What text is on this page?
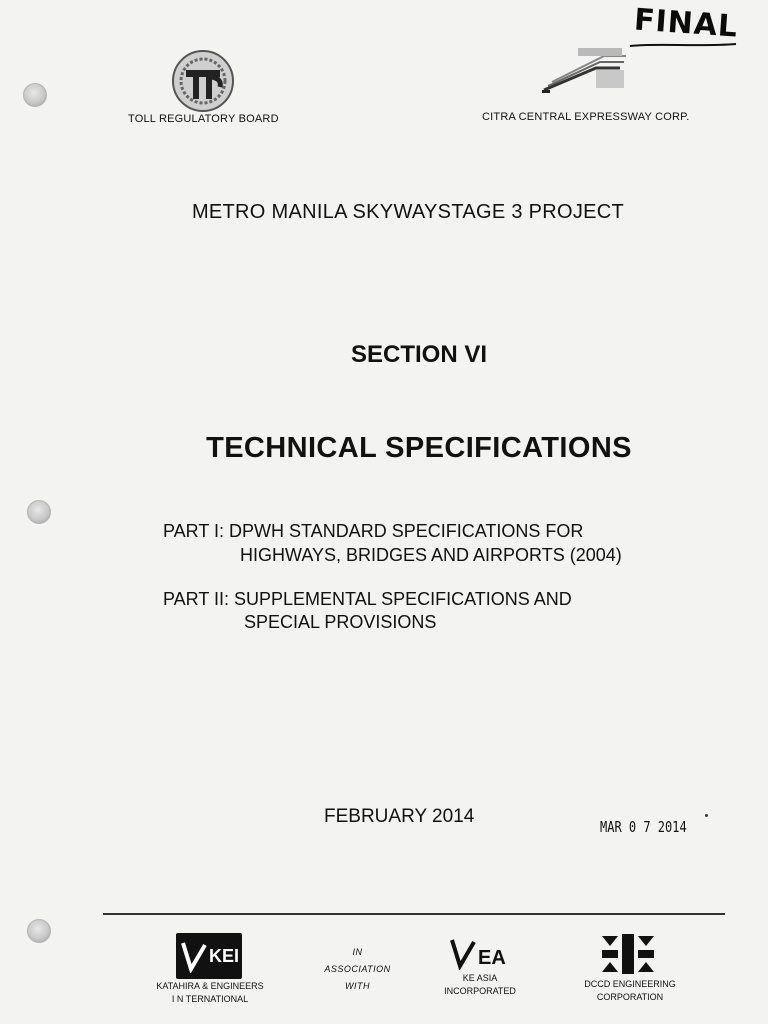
FINAL
TOLL REGULATORY BOARD	CITRA CENTRAL EXPRESSWAY CORP.
METRO MANILA SKYWAYSTAGE 3 PROJECT
SECTION VI
TECHNICAL SPECIFICATIONS
PART I: DPWH STANDARD SPECIFICATIONS FOR
HIGHWAYS, BRIDGES AND AIRPORTS (2004)
PART II: SUPPLEMENTAL SPECIFICATIONS AND
SPECIAL PROVISIONS
FEBRUARY 2014	MAR 0 7 2014
KEI
KATAHIRA & ENGINEERS
I N TERNATIONAL
IN
ASSOCIATION
WITH
EA
KE ASIA
INCORPORATED
DCCD ENGINEERING
CORPORATION
